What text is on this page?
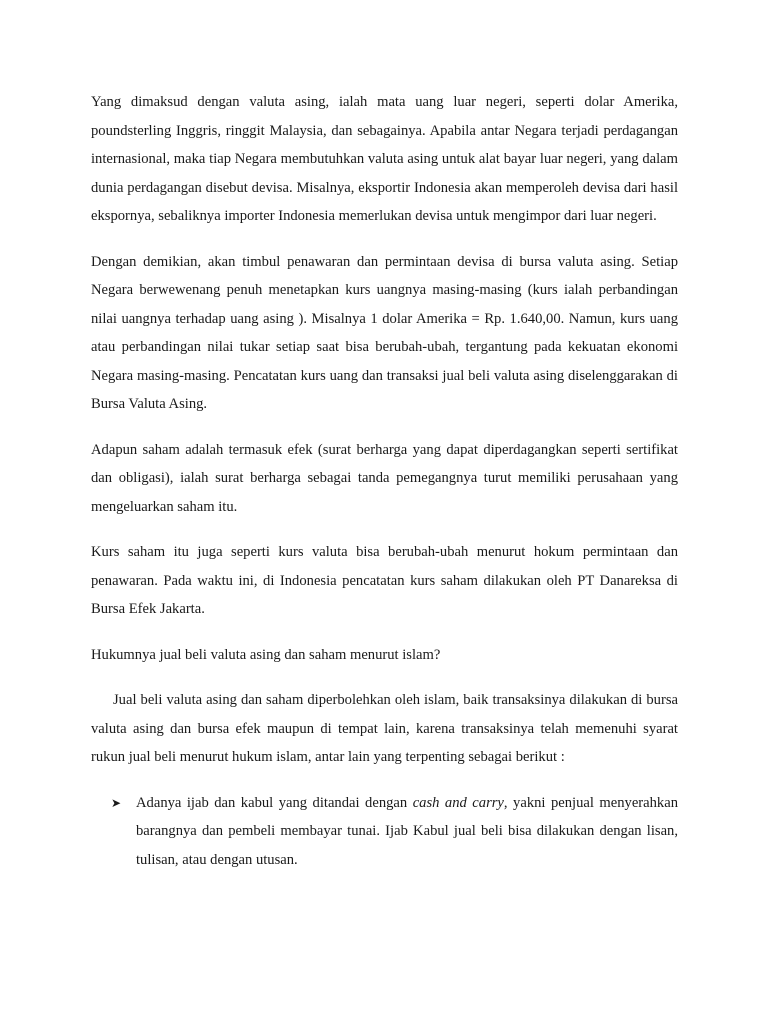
Yang dimaksud dengan valuta asing, ialah mata uang luar negeri, seperti dolar Amerika, poundsterling Inggris, ringgit Malaysia, dan sebagainya. Apabila antar Negara terjadi perdagangan internasional, maka tiap Negara membutuhkan valuta asing untuk alat bayar luar negeri, yang dalam dunia perdagangan disebut devisa. Misalnya, eksportir Indonesia akan memperoleh devisa dari hasil ekspornya, sebaliknya importer Indonesia memerlukan devisa untuk mengimpor dari luar negeri.

Dengan demikian, akan timbul penawaran dan permintaan devisa di bursa valuta asing. Setiap Negara berwewenang penuh menetapkan kurs uangnya masing-masing (kurs ialah perbandingan nilai uangnya terhadap uang asing ). Misalnya 1 dolar Amerika = Rp. 1.640,00. Namun, kurs uang atau perbandingan nilai tukar setiap saat bisa berubah-ubah, tergantung pada kekuatan ekonomi Negara masing-masing. Pencatatan kurs uang dan transaksi jual beli valuta asing diselenggarakan di Bursa Valuta Asing.

Adapun saham adalah termasuk efek (surat berharga yang dapat diperdagangkan seperti sertifikat dan obligasi), ialah surat berharga sebagai tanda pemegangnya turut memiliki perusahaan yang mengeluarkan saham itu.

Kurs saham itu juga seperti kurs valuta bisa berubah-ubah menurut hokum permintaan dan penawaran. Pada waktu ini, di Indonesia pencatatan kurs saham dilakukan oleh PT Danareksa di Bursa Efek Jakarta.

Hukumnya jual beli valuta asing dan saham menurut islam?

Jual beli valuta asing dan saham diperbolehkan oleh islam, baik transaksinya dilakukan di bursa valuta asing dan bursa efek maupun di tempat lain, karena transaksinya telah memenuhi syarat rukun jual beli menurut hukum islam, antar lain yang terpenting sebagai berikut :

➤ Adanya ijab dan kabul yang ditandai dengan cash and carry, yakni penjual menyerahkan barangnya dan pembeli membayar tunai. Ijab Kabul jual beli bisa dilakukan dengan lisan, tulisan, atau dengan utusan.
